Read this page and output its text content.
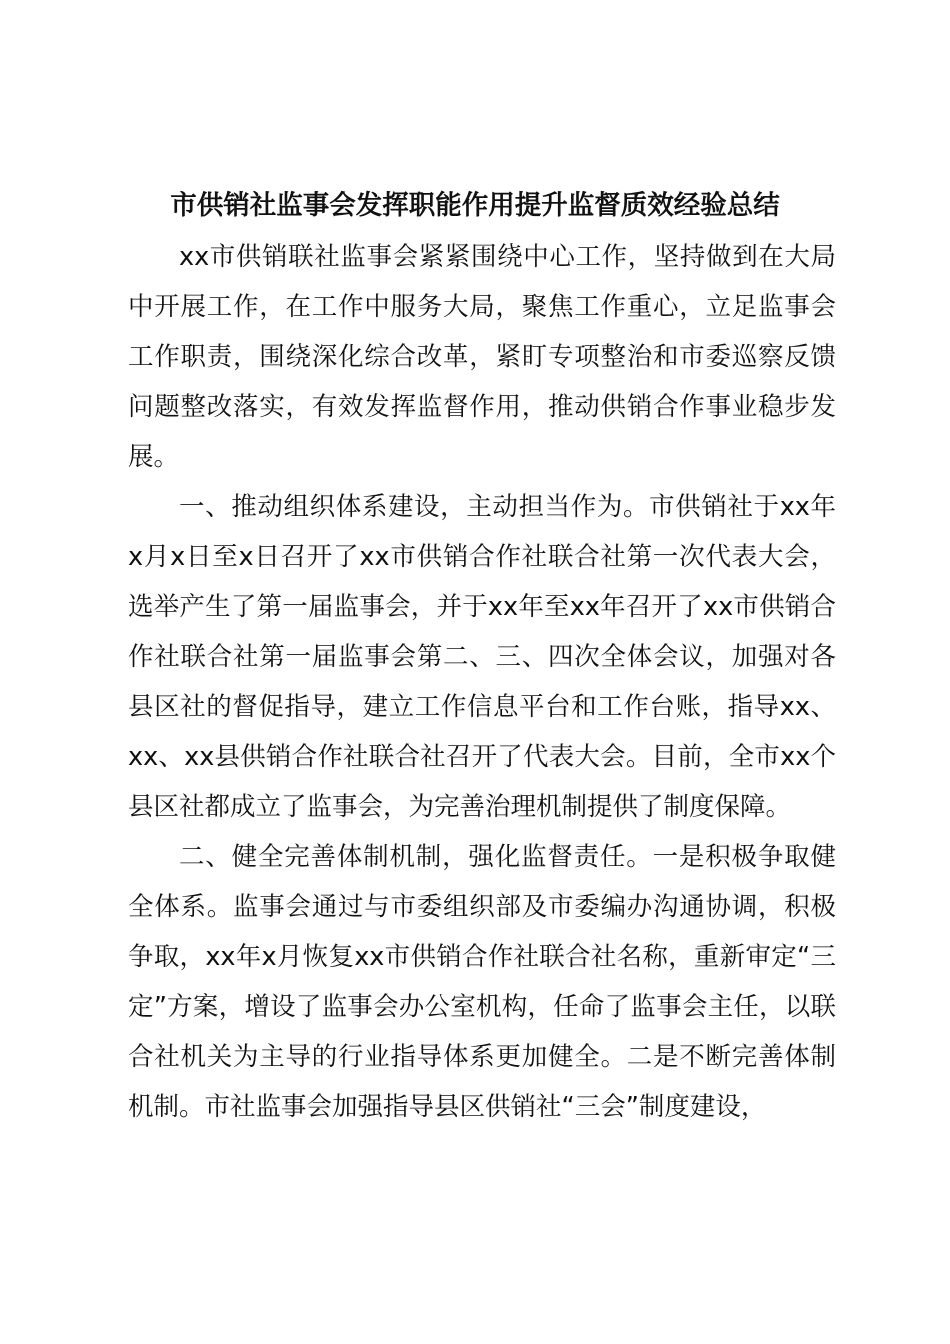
市供销社监事会发挥职能作用提升监督质效经验总结

xx市供销联社监事会紧紧围绕中心工作，坚持做到在大局中开展工作，在工作中服务大局，聚焦工作重心，立足监事会工作职责，围绕深化综合改革，紧盯专项整治和市委巡察反馈问题整改落实，有效发挥监督作用，推动供销合作事业稳步发展。

一、推动组织体系建设，主动担当作为。市供销社于xx年x月x日至x日召开了xx市供销合作社联合社第一次代表大会，选举产生了第一届监事会，并于xx年至xx年召开了xx市供销合作社联合社第一届监事会第二、三、四次全体会议，加强对各县区社的督促指导，建立工作信息平台和工作台账，指导xx、xx、xx县供销合作社联合社召开了代表大会。目前，全市xx个县区社都成立了监事会，为完善治理机制提供了制度保障。

二、健全完善体制机制，强化监督责任。一是积极争取健全体系。监事会通过与市委组织部及市委编办沟通协调，积极争取，xx年x月恢复xx市供销合作社联合社名称，重新审定“三定”方案，增设了监事会办公室机构，任命了监事会主任，以联合社机关为主导的行业指导体系更加健全。二是不断完善体制机制。市社监事会加强指导县区供销社“三会”制度建设，
